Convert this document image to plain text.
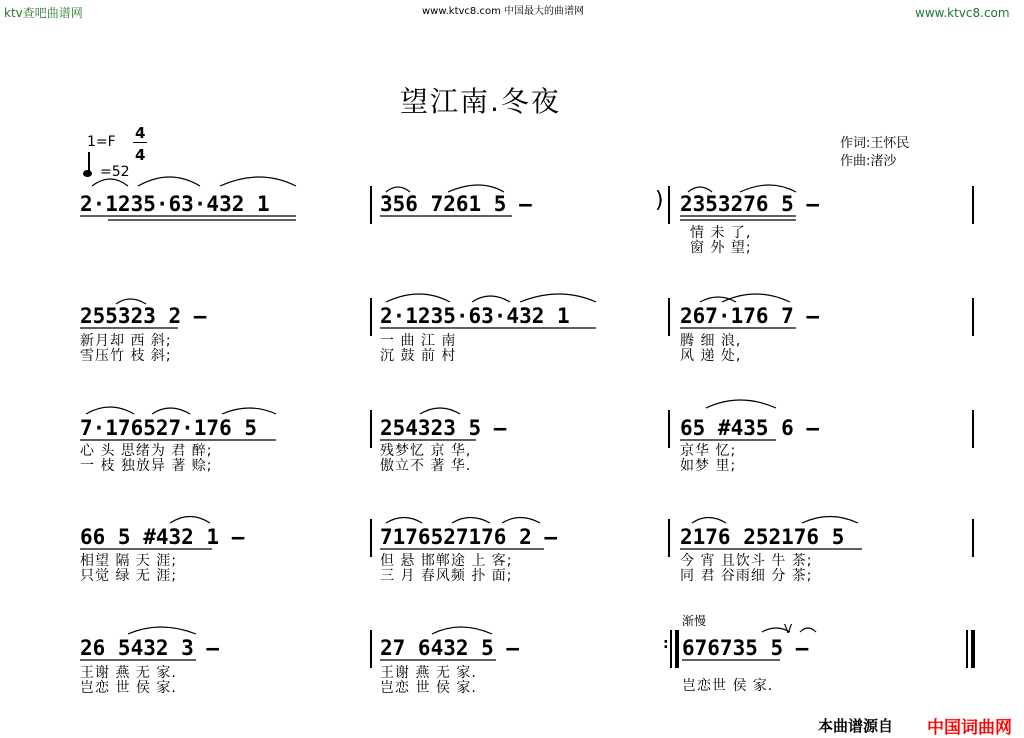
ktv查吧曲谱网	www.ktvc8.com 中国最大的曲谱网	www.ktvc8.com
望江南.冬夜
1=F 4
4
=52
作词:王怀民
作曲:渚沙
2·1235·63·432 1	356 7261 5 –	) 2353276 5 –
情 未 了,
窗 外 望;
255323 2 –
新月却 西 斜;
雪压竹 枝 斜;
2·1235·63·432 1
一 曲 江 南
沉 鼓 前 村
267·176 7 –
腾 细 浪,
风 递 处,
7·176527·176 5
心 头 思绪为 君 醉;
一 枝 独放异 著 赊;
254323 5 –
残梦忆 京 华,
傲立不 著 华.
65 #435 6 –
京华 忆;
如梦 里;
66 5 #432 1 –
相望 隔 天 涯;
只觉 绿 无 涯;
7176527176 2 –
但 悬 邯郸途 上 客;
三 月 春风频 扑 面;
2176 252176 5
今 宵 且饮斗 牛 茶;
同 君 谷雨细 分 茶;
渐慢
26 5432 3 –
王谢 燕 无 家.
岂恋 世 侯 家.
27 6432 5 –
王谢 燕 无 家.
岂恋 世 侯 家.
: 676735 5 –
岂恋世 侯 家.
V
本曲谱源自 中国词曲网
